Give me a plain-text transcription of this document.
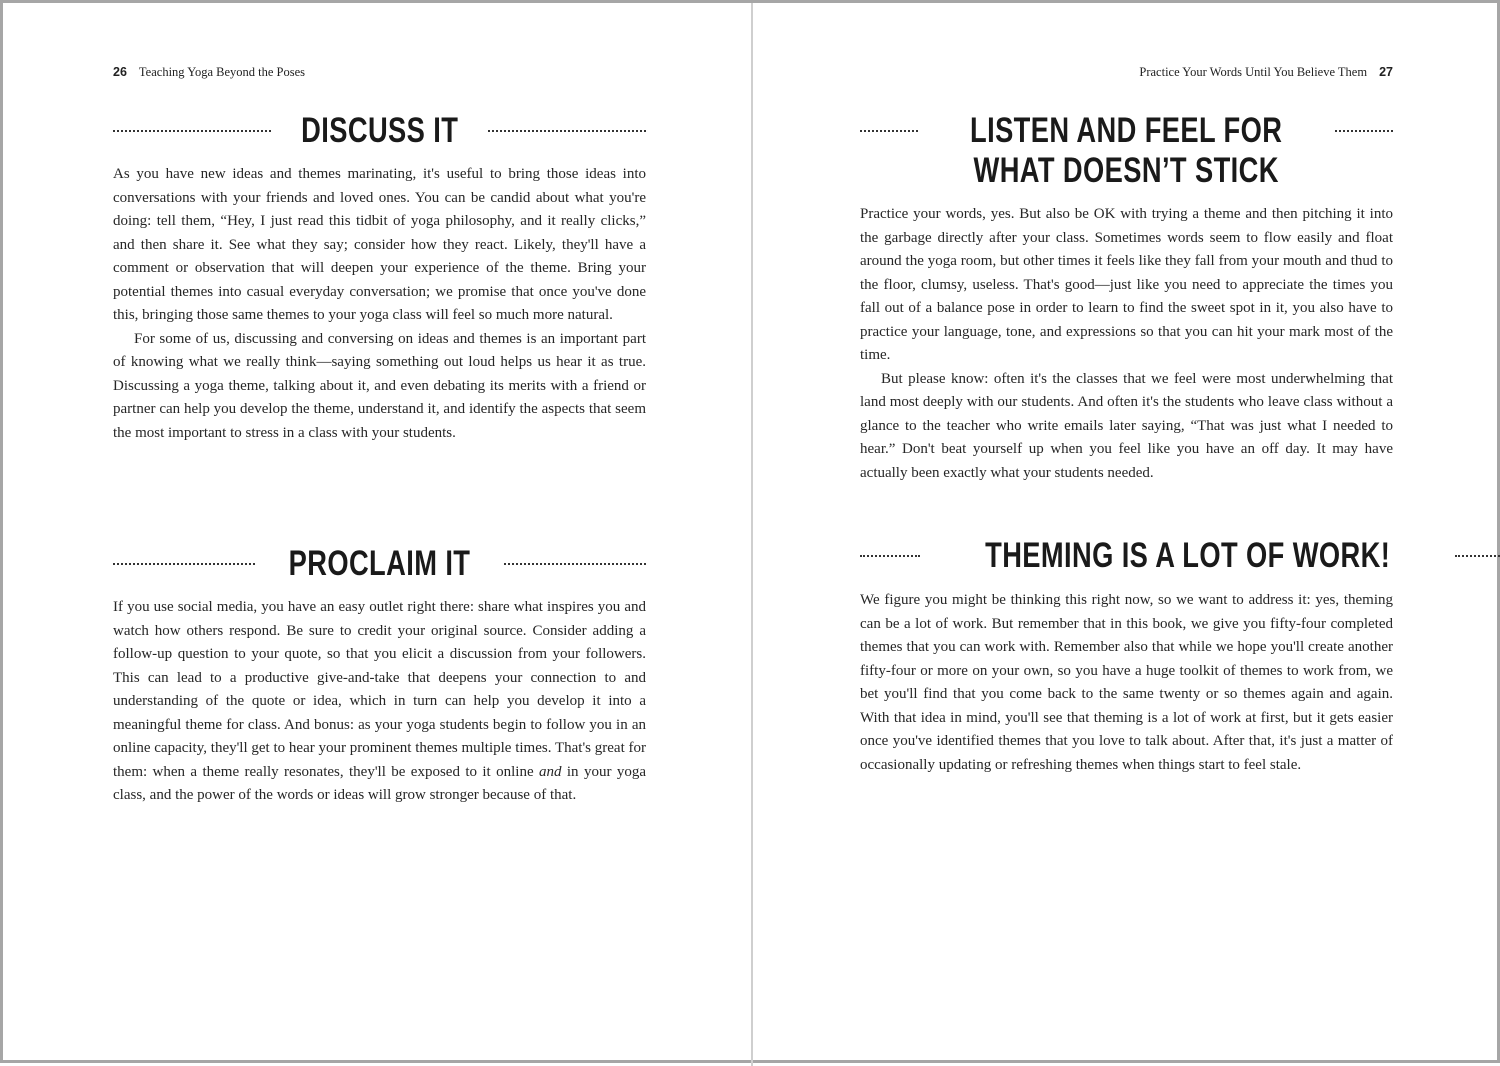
26 Teaching Yoga Beyond the Poses
DISCUSS IT

As you have new ideas and themes marinating, it's useful to bring those ideas into conversations with your friends and loved ones. You can be candid about what you're doing: tell them, “Hey, I just read this tidbit of yoga philosophy, and it really clicks,” and then share it. See what they say; consider how they react. Likely, they'll have a comment or observation that will deepen your experience of the theme. Bring your potential themes into casual everyday conversation; we promise that once you've done this, bringing those same themes to your yoga class will feel so much more natural.

For some of us, discussing and conversing on ideas and themes is an important part of knowing what we really think—saying something out loud helps us hear it as true. Discussing a yoga theme, talking about it, and even debating its merits with a friend or partner can help you develop the theme, understand it, and identify the aspects that seem the most important to stress in a class with your students.

PROCLAIM IT

If you use social media, you have an easy outlet right there: share what inspires you and watch how others respond. Be sure to credit your original source. Consider adding a follow-up question to your quote, so that you elicit a discussion from your followers. This can lead to a productive give-and-take that deepens your connection to and understanding of the quote or idea, which in turn can help you develop it into a meaningful theme for class. And bonus: as your yoga students begin to follow you in an online capacity, they'll get to hear your prominent themes multiple times. That's great for them: when a theme really resonates, they'll be exposed to it online and in your yoga class, and the power of the words or ideas will grow stronger because of that.

Practice Your Words Until You Believe Them 27
LISTEN AND FEEL FOR
WHAT DOESN’T STICK

Practice your words, yes. But also be OK with trying a theme and then pitching it into the garbage directly after your class. Sometimes words seem to flow easily and float around the yoga room, but other times it feels like they fall from your mouth and thud to the floor, clumsy, useless. That's good—just like you need to appreciate the times you fall out of a balance pose in order to learn to find the sweet spot in it, you also have to practice your language, tone, and expressions so that you can hit your mark most of the time.

But please know: often it's the classes that we feel were most underwhelming that land most deeply with our students. And often it's the students who leave class without a glance to the teacher who write emails later saying, “That was just what I needed to hear.” Don't beat yourself up when you feel like you have an off day. It may have actually been exactly what your students needed.

THEMING IS A LOT OF WORK!

We figure you might be thinking this right now, so we want to address it: yes, theming can be a lot of work. But remember that in this book, we give you fifty-four completed themes that you can work with. Remember also that while we hope you'll create another fifty-four or more on your own, so you have a huge toolkit of themes to work from, we bet you'll find that you come back to the same twenty or so themes again and again. With that idea in mind, you'll see that theming is a lot of work at first, but it gets easier once you've identified themes that you love to talk about. After that, it's just a matter of occasionally updating or refreshing themes when things start to feel stale.
